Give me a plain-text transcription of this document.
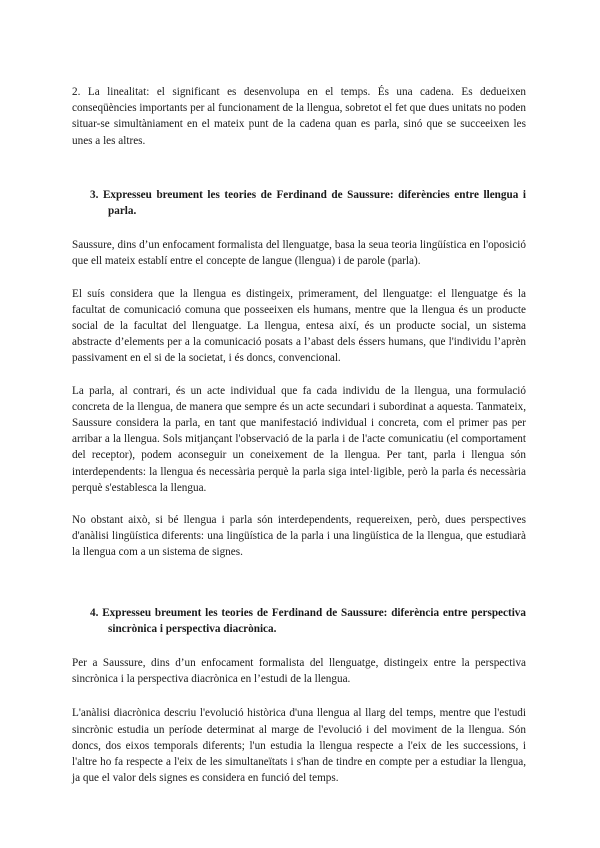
2. La linealitat: el significant es desenvolupa en el temps. És una cadena. Es dedueixen conseqüències importants per al funcionament de la llengua, sobretot el fet que dues unitats no poden situar-se simultàniament en el mateix punt de la cadena quan es parla, sinó que se succeeixen les unes a les altres.

3. Expresseu breument les teories de Ferdinand de Saussure: diferències entre llengua i parla.

Saussure, dins d’un enfocament formalista del llenguatge, basa la seua teoria lingüística en l'oposició que ell mateix establí entre el concepte de langue (llengua) i de parole (parla).

El suís considera que la llengua es distingeix, primerament, del llenguatge: el llenguatge és la facultat de comunicació comuna que posseeixen els humans, mentre que la llengua és un producte social de la facultat del llenguatge. La llengua, entesa així, és un producte social, un sistema abstracte d’elements per a la comunicació posats a l’abast dels éssers humans, que l'individu l’aprèn passivament en el si de la societat, i és doncs, convencional.

La parla, al contrari, és un acte individual que fa cada individu de la llengua, una formulació concreta de la llengua, de manera que sempre és un acte secundari i subordinat a aquesta. Tanmateix, Saussure considera la parla, en tant que manifestació individual i concreta, com el primer pas per arribar a la llengua. Sols mitjançant l'observació de la parla i de l'acte comunicatiu (el comportament del receptor), podem aconseguir un coneixement de la llengua. Per tant, parla i llengua són interdependents: la llengua és necessària perquè la parla siga intel·ligible, però la parla és necessària perquè s'establesca la llengua.

No obstant això, si bé llengua i parla són interdependents, requereixen, però, dues perspectives d'anàlisi lingüística diferents: una lingüística de la parla i una lingüística de la llengua, que estudiarà la llengua com a un sistema de signes.

4. Expresseu breument les teories de Ferdinand de Saussure: diferència entre perspectiva sincrònica i perspectiva diacrònica.

Per a Saussure, dins d’un enfocament formalista del llenguatge, distingeix entre la perspectiva sincrònica i la perspectiva diacrònica en l’estudi de la llengua.

L'anàlisi diacrònica descriu l'evolució històrica d'una llengua al llarg del temps, mentre que l'estudi sincrònic estudia un període determinat al marge de l'evolució i del moviment de la llengua. Són doncs, dos eixos temporals diferents; l'un estudia la llengua respecte a l'eix de les successions, i l'altre ho fa respecte a l'eix de les simultaneïtats i s'han de tindre en compte per a estudiar la llengua, ja que el valor dels signes es considera en funció del temps.
